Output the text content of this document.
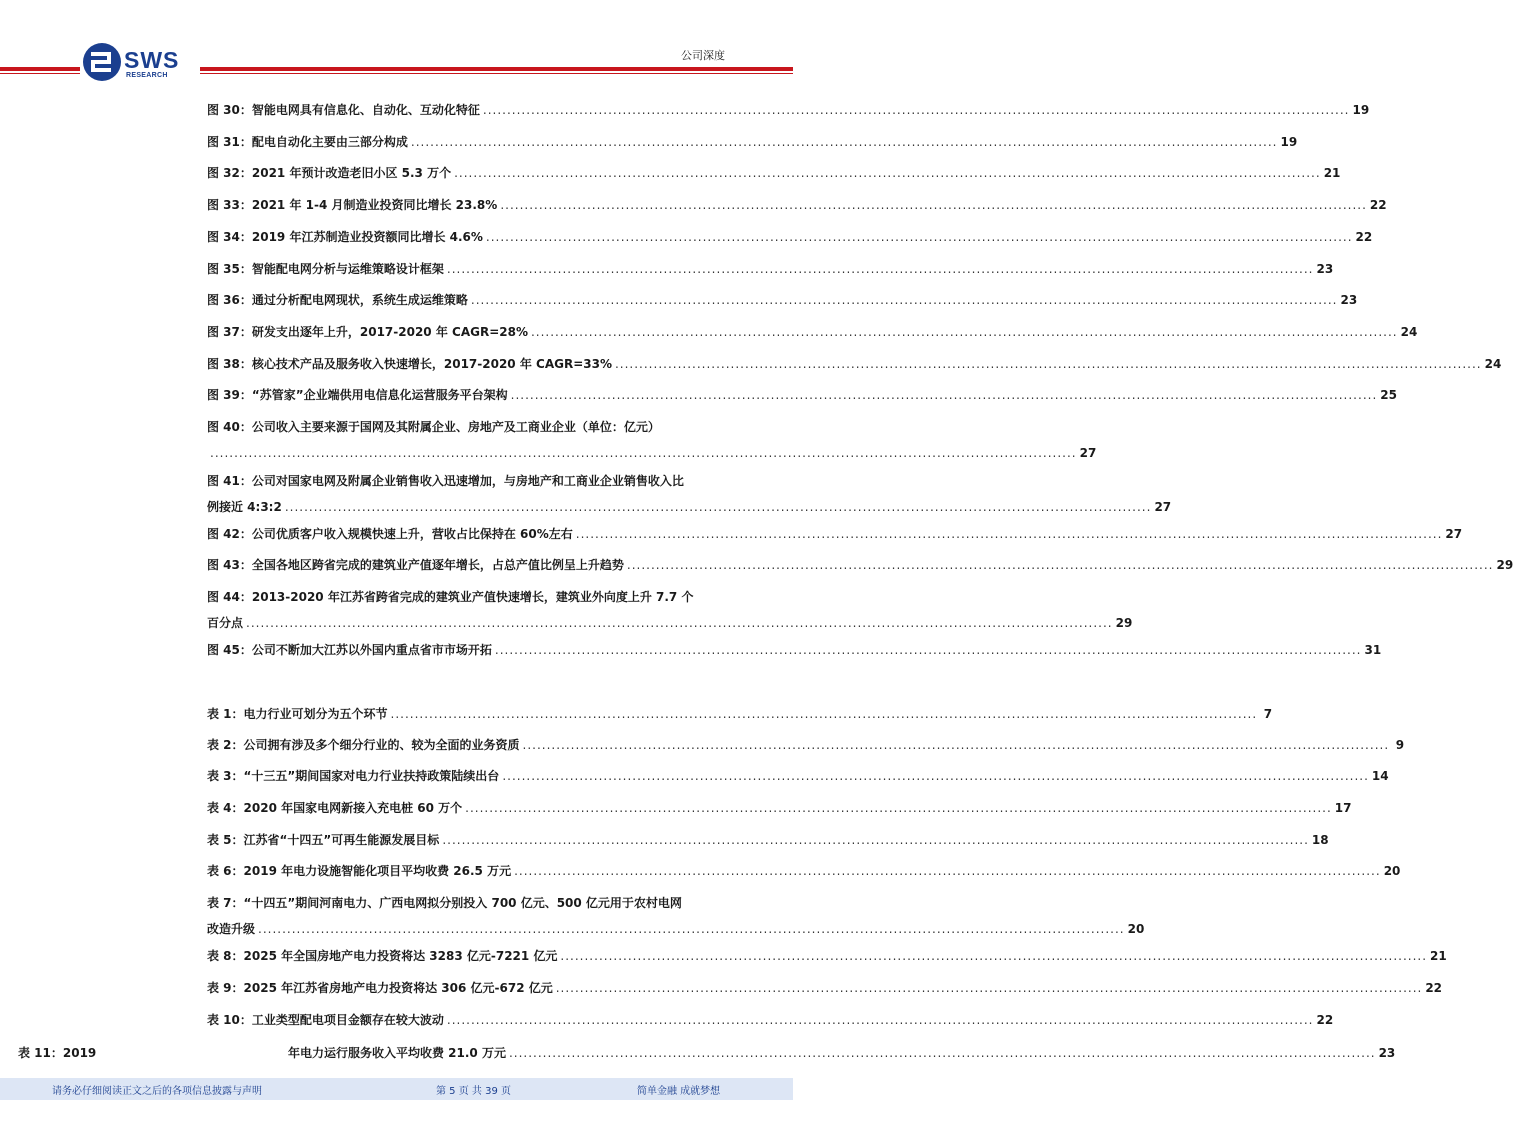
SWS
RESEARCH
公司深度
图 30：智能电网具有信息化、自动化、互动化特征 .................................................................................................................................................................................... 19
图 31：配电自动化主要由三部分构成 .................................................................................................................................................................................... 19
图 32：2021 年预计改造老旧小区 5.3 万个 .................................................................................................................................................................................... 21
图 33：2021 年 1-4 月制造业投资同比增长 23.8% .................................................................................................................................................................................... 22
图 34：2019 年江苏制造业投资额同比增长 4.6% .................................................................................................................................................................................... 22
图 35：智能配电网分析与运维策略设计框架 .................................................................................................................................................................................... 23
图 36：通过分析配电网现状，系统生成运维策略 .................................................................................................................................................................................... 23
图 37：研发支出逐年上升，2017-2020 年 CAGR=28% .................................................................................................................................................................................... 24
图 38：核心技术产品及服务收入快速增长，2017-2020 年 CAGR=33% .................................................................................................................................................................................... 24
图 39：“苏管家”企业端供用电信息化运营服务平台架构 .................................................................................................................................................................................... 25
图 40：公司收入主要来源于国网及其附属企业、房地产及工商业企业（单位：亿元）
.................................................................................................................................................................................... 27
图 41：公司对国家电网及附属企业销售收入迅速增加，与房地产和工商业企业销售收入比
例接近 4:3:2 .................................................................................................................................................................................... 27
图 42：公司优质客户收入规模快速上升，营收占比保持在 60%左右 .................................................................................................................................................................................... 27
图 43：全国各地区跨省完成的建筑业产值逐年增长，占总产值比例呈上升趋势 .................................................................................................................................................................................... 29
图 44：2013-2020 年江苏省跨省完成的建筑业产值快速增长，建筑业外向度上升 7.7 个
百分点 .................................................................................................................................................................................... 29
图 45：公司不断加大江苏以外国内重点省市市场开拓 .................................................................................................................................................................................... 31
表 1：电力行业可划分为五个环节 .................................................................................................................................................................................... 7
表 2：公司拥有涉及多个细分行业的、较为全面的业务资质 .................................................................................................................................................................................... 9
表 3：“十三五”期间国家对电力行业扶持政策陆续出台 .................................................................................................................................................................................... 14
表 4：2020 年国家电网新接入充电桩 60 万个 .................................................................................................................................................................................... 17
表 5：江苏省“十四五”可再生能源发展目标 .................................................................................................................................................................................... 18
表 6：2019 年电力设施智能化项目平均收费 26.5 万元 .................................................................................................................................................................................... 20
表 7：“十四五”期间河南电力、广西电网拟分别投入 700 亿元、500 亿元用于农村电网
改造升级 .................................................................................................................................................................................... 20
表 8：2025 年全国房地产电力投资将达 3283 亿元-7221 亿元 .................................................................................................................................................................................... 21
表 9：2025 年江苏省房地产电力投资将达 306 亿元-672 亿元 .................................................................................................................................................................................... 22
表 10：工业类型配电项目金额存在较大波动 .................................................................................................................................................................................... 22
表 11：2019	年电力运行服务收入平均收费 21.0 万元 .................................................................................................................................................................................... 23
请务必仔细阅读正文之后的各项信息披露与声明	第 5 页 共 39 页	简单金融 成就梦想
